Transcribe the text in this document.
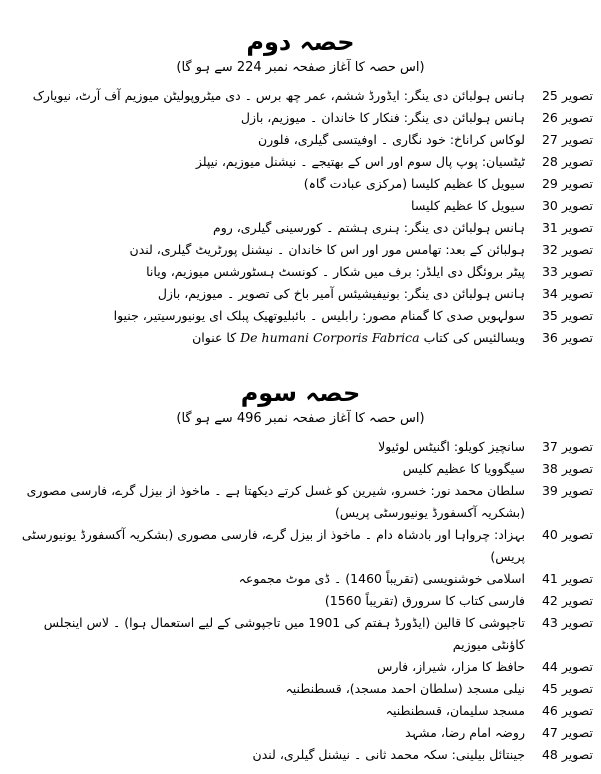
حصہ دوم
(اس حصہ کا آغاز صفحہ نمبر 224 سے ہو گا)
تصویر 25
ہانس ہولبائن دی ینگر: ایڈورڈ ششم، عمر چھ برس ۔ دی میٹروپولیٹن میوزیم آف آرٹ، نیویارک
تصویر 26
ہانس ہولبائن دی ینگر: فنکار کا خاندان ۔ میوزیم، بازل
تصویر 27
لوکاس کراناخ: خود نگاری ۔ اوفیتسی گیلری، فلورن
تصویر 28
ٹیٹسیان: پوپ پال سوم اور اس کے بھتیجے ۔ نیشنل میوزیم، نیپلز
تصویر 29
سیویل کا عظیم کلیسا (مرکزی عبادت گاہ)
تصویر 30
سیویل کا عظیم کلیسا
تصویر 31
ہانس ہولبائن دی ینگر: ہنری ہشتم ۔ کورسینی گیلری، روم
تصویر 32
ہولبائن کے بعد: تھامس مور اور اس کا خاندان ۔ نیشنل پورٹریٹ گیلری، لندن
تصویر 33
پیٹر بروئگل دی ایلڈر: برف میں شکار ۔ کونسٹ ہسٹورشس میوزیم، ویانا
تصویر 34
ہانس ہولبائن دی ینگر: بونیفیشیئس آمیر باخ کی تصویر ۔ میوزیم، بازل
تصویر 35
سولہویں صدی کا گمنام مصور: رابلیس ۔ بائبلیوتھیک پبلک ای یونیورسیتیر، جنیوا
تصویر 36
ویسالئیس کی کتاب De humani Corporis Fabrica کا عنوان
حصہ سوم
(اس حصہ کا آغاز صفحہ نمبر 496 سے ہو گا)
تصویر 37
سانچیز کویلو: اگنیٹس لوئیولا
تصویر 38
سیگوویا کا عظیم کلیس
تصویر 39
سلطان محمد نور: خسرو، شیرین کو غسل کرتے دیکھتا ہے ۔ ماخوذ از بیزل گرے، فارسی مصوری (بشکریہ آکسفورڈ یونیورسٹی پریس)
تصویر 40
بہزاد: چرواہا اور بادشاہ دام ۔ ماخوذ از بیزل گرے، فارسی مصوری (بشکریہ آکسفورڈ یونیورسٹی پریس)
تصویر 41
اسلامی خوشنویسی (تقریباً 1460) ۔ ڈی موٹ مجموعہ
تصویر 42
فارسی کتاب کا سرورق (تقریباً 1560)
تصویر 43
تاجپوشی کا قالین (ایڈورڈ ہفتم کی 1901 میں تاجپوشی کے لیے استعمال ہوا) ۔ لاس اینجلس کاؤنٹی میوزیم
تصویر 44
حافظ کا مزار، شیراز، فارس
تصویر 45
نیلی مسجد (سلطان احمد مسجد)، قسطنطنیہ
تصویر 46
مسجد سلیمان، قسطنطنیہ
تصویر 47
روضہ امام رضا، مشہد
تصویر 48
جینتائل بیلینی: سکہ محمد ثانی ۔ نیشنل گیلری، لندن
